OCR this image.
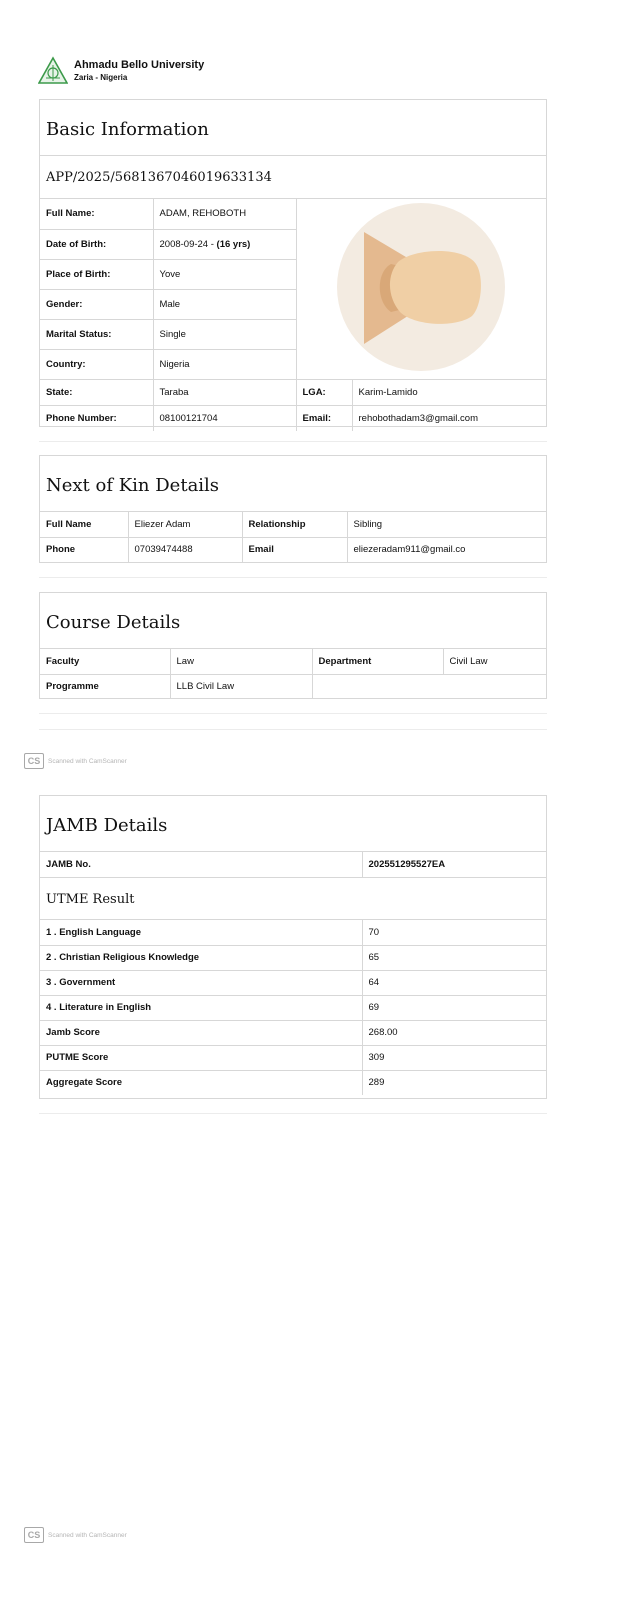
Ahmadu Bello University
Zaria - Nigeria
Basic Information
APP/2025/5681367046019633134
Full Name:	ADAM, REHOBOTH	
Date of Birth:	2008-09-24 - (16 yrs)		
Place of Birth:	Yove		
Gender:	Male		
Marital Status:	Single		
Country:	Nigeria		
State:	Taraba	LGA:	Karim-Lamido
Phone Number:	08100121704	Email:	rehobothadam3@gmail.com
Next of Kin Details
Full Name	Eliezer Adam	Relationship	Sibling
Phone	07039474488	Email	eliezeradam911@gmail.co
Course Details
Faculty	Law	Department	Civil Law
Programme	LLB Civil Law		
CS	Scanned with CamScanner
JAMB Details
JAMB No.	202551295527EA
UTME Result
1 . English Language	70
2 . Christian Religious Knowledge	65
3 . Government	64
4 . Literature in English	69
Jamb Score	268.00
PUTME Score	309
Aggregate Score	289
CS	Scanned with CamScanner
